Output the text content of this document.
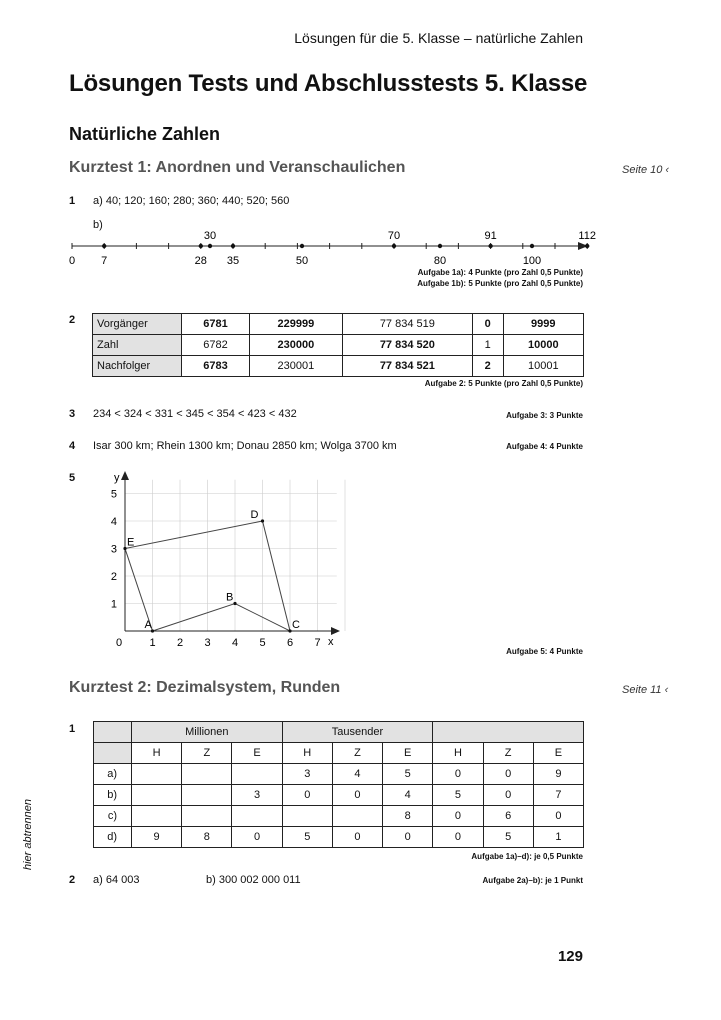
Lösungen für die 5. Klasse – natürliche Zahlen
Lösungen Tests und Abschlusstests 5. Klasse
Natürliche Zahlen
Kurztest 1: Anordnen und Veranschaulichen	Seite 10 ‹
1 a) 40; 120; 160; 280; 360; 440; 520; 560
b)
30	70	91	112
0 7	28 35	50	80	100
Aufgabe 1a): 4 Punkte (pro Zahl 0,5 Punkte)
Aufgabe 1b): 5 Punkte (pro Zahl 0,5 Punkte)
2 Vorgänger	6781	229999	77 834 519	0	9999
Zahl	6782	230000	77 834 520	1	10000
Nachfolger	6783	230001	77 834 521	2	10001
Aufgabe 2: 5 Punkte (pro Zahl 0,5 Punkte)
3 234 < 324 < 331 < 345 < 354 < 423 < 432	Aufgabe 3: 3 Punkte
4 Isar 300 km; Rhein 1300 km; Donau 2850 km; Wolga 3700 km	Aufgabe 4: 4 Punkte
5	y
x
0 1 2 3 4 5 6 7
1
2
3
4
5
A
B
C
D
E
Aufgabe 5: 4 Punkte
Kurztest 2: Dezimalsystem, Runden	Seite 11 ‹
1
		Millionen			Tausender					
	H	Z	E	H	Z	E	H	Z	E
a)				3	4	5	0	0	9
b)			3	0	0	4	5	0	7
c)						8	0	6	0
d)	9	8	0	5	0	0	0	5	1
Aufgabe 1a)–d): je 0,5 Punkte
2 a) 64 003	b) 300 002 000 011	Aufgabe 2a)–b): je 1 Punkt
hier abtrennen
129
